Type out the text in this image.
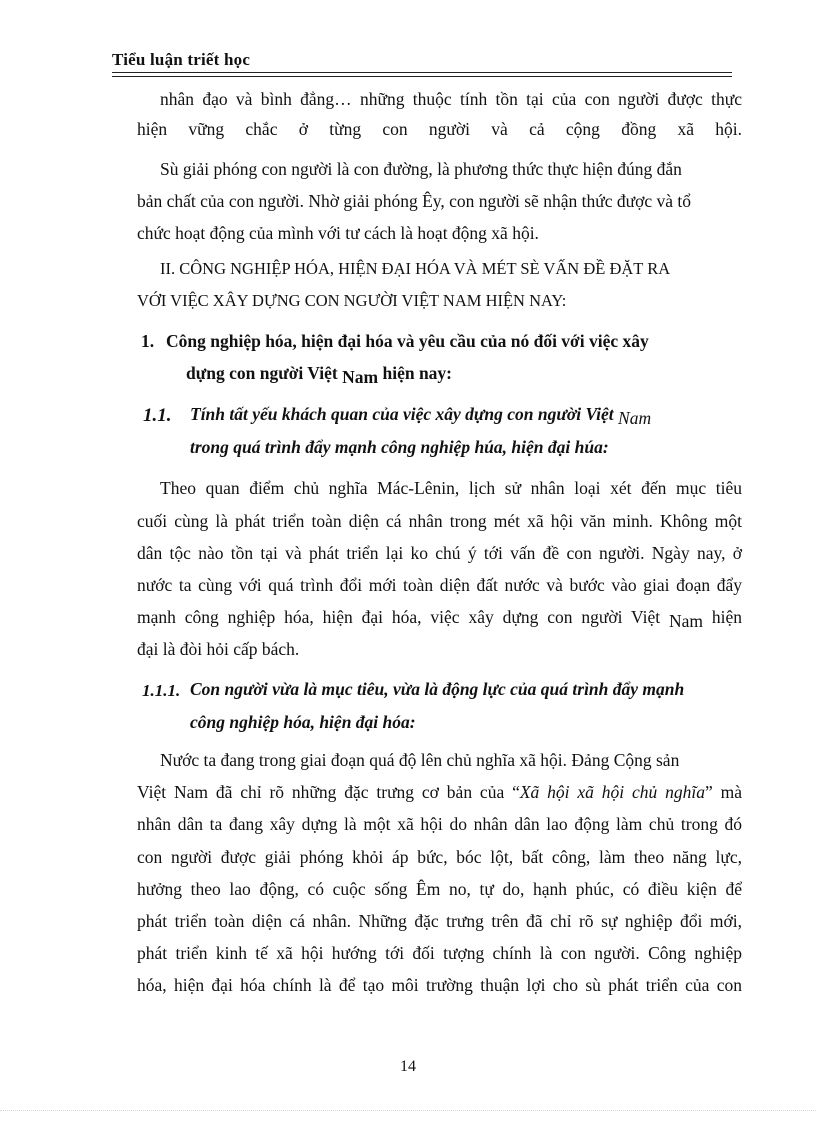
Tiểu luận triết học
nhân đạo và bình đẳng… những thuộc tính tồn tại của con người được thực
hiện vững chắc ở từng con người và cả cộng đồng xã hội.
Sù giải phóng con người là con đường, là phương thức thực hiện đúng đắn
bản chất của con người. Nhờ giải phóng Êy, con người sẽ nhận thức được và tổ
chức hoạt động của mình với tư cách là hoạt động xã hội.
II. CÔNG NGHIỆP HÓA, HIỆN ĐẠI HÓA VÀ MÉT SÈ VẤN ĐỀ ĐẶT RA
VỚI VIỆC XÂY DỰNG CON NGƯỜI VIỆT NAM HIỆN NAY:
1. Công nghiệp hóa, hiện đại hóa và yêu cầu của nó đối với việc xây
dựng con người Việt Nam hiện nay:
1.1. Tính tất yếu khách quan của việc xây dựng con người Việt Nam
trong quá trình đẩy mạnh công nghiệp húa, hiện đại húa:
Theo quan điểm chủ nghĩa Mác-Lênin, lịch sử nhân loại xét đến mục tiêu
cuối cùng là phát triển toàn diện cá nhân trong mét xã hội văn minh. Không một
dân tộc nào tồn tại và phát triển lại ko chú ý tới vấn đề con người. Ngày nay, ở
nước ta cùng với quá trình đổi mới toàn diện đất nước và bước vào giai đoạn đẩy
mạnh công nghiệp hóa, hiện đại hóa, việc xây dựng con người Việt Nam hiện
đại là đòi hỏi cấp bách.
1.1.1. Con người vừa là mục tiêu, vừa là động lực của quá trình đẩy mạnh
công nghiệp hóa, hiện đại hóa:
Nước ta đang trong giai đoạn quá độ lên chủ nghĩa xã hội. Đảng Cộng sản
Việt Nam đã chỉ rõ những đặc trưng cơ bản của “Xã hội xã hội chủ nghĩa” mà
nhân dân ta đang xây dựng là một xã hội do nhân dân lao động làm chủ trong đó
con người được giải phóng khỏi áp bức, bóc lột, bất công, làm theo năng lực,
hưởng theo lao động, có cuộc sống Êm no, tự do, hạnh phúc, có điều kiện để
phát triển toàn diện cá nhân. Những đặc trưng trên đã chỉ rõ sự nghiệp đổi mới,
phát triển kinh tế xã hội hướng tới đối tượng chính là con người. Công nghiệp
hóa, hiện đại hóa chính là để tạo môi trường thuận lợi cho sù phát triển của con
14
